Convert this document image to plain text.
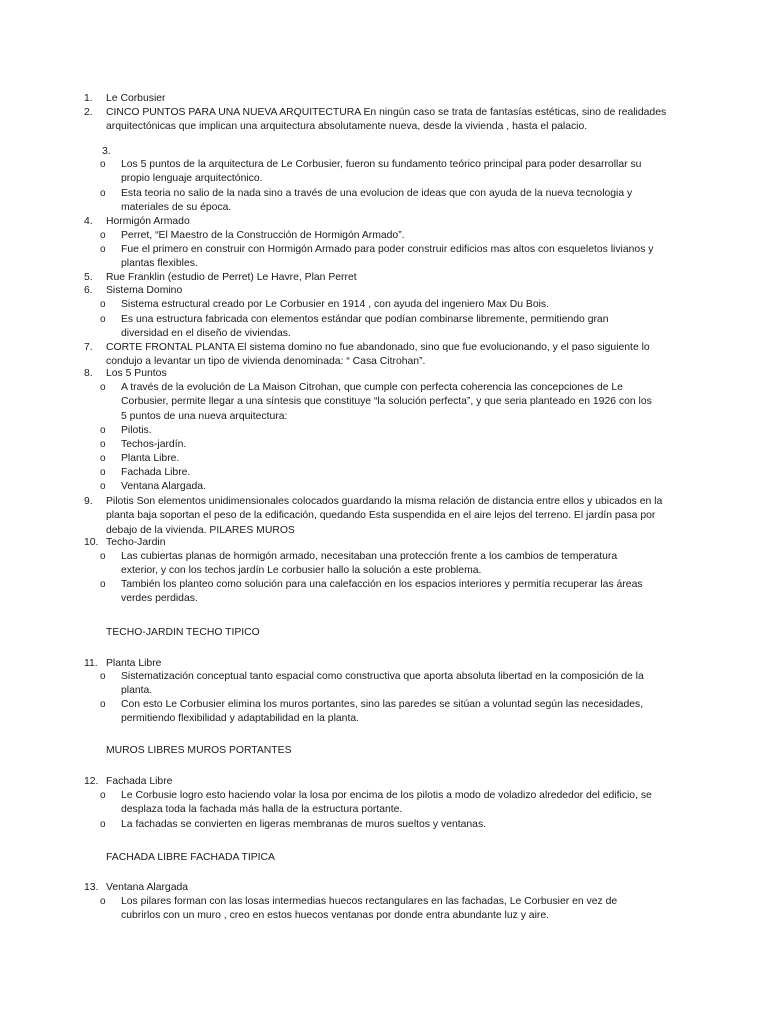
1. Le Corbusier
2. CINCO PUNTOS PARA UNA NUEVA ARQUITECTURA En ningún caso se trata de fantasías estéticas, sino de realidades arquitectónicas que implican una arquitectura absolutamente nueva, desde la vivienda , hasta el palacio.
3.
o Los 5 puntos de la arquitectura de Le Corbusier, fueron su fundamento teórico principal para poder desarrollar su propio lenguaje arquitectónico.
o Esta teoria no salio de la nada sino a través de una evolucion de ideas que con ayuda de la nueva tecnologia y materiales de su época.
4. Hormigón Armado
o Perret, “El Maestro de la Construcción de Hormigón Armado”.
o Fue el primero en construir con Hormigón Armado para poder construir edificios mas altos con esqueletos livianos y plantas flexibles.
5. Rue Franklin (estudio de Perret) Le Havre, Plan Perret
6. Sistema Domino
o Sistema estructural creado por Le Corbusier en 1914 , con ayuda del ingeniero Max Du Bois.
o Es una estructura fabricada con elementos estándar que podían combinarse libremente, permitiendo gran diversidad en el diseño de viviendas.
7. CORTE FRONTAL PLANTA El sistema domino no fue abandonado, sino que fue evolucionando, y el paso siguiente lo condujo a levantar un tipo de vivienda denominada: “ Casa Citrohan”.
8. Los 5 Puntos
o A través de la evolución de La Maison Citrohan, que cumple con perfecta coherencia las concepciones de Le Corbusier, permite llegar a una síntesis que constituye “la solución perfecta”, y que seria planteado en 1926 con los 5 puntos de una nueva arquitectura:
o Pilotis.
o Techos-jardín.
o Planta Libre.
o Fachada Libre.
o Ventana Alargada.
9. Pilotis Son elementos unidimensionales colocados guardando la misma relación de distancia entre ellos y ubicados en la planta baja soportan el peso de la edificación, quedando Esta suspendida en el aire lejos del terreno. El jardín pasa por debajo de la vivienda. PILARES MUROS
10. Techo-Jardin
o Las cubiertas planas de hormigón armado, necesitaban una protección frente a los cambios de temperatura exterior, y con los techos jardín Le corbusier hallo la solución a este problema.
o También los planteo como solución para una calefacción en los espacios interiores y permitía recuperar las áreas verdes perdidas.
TECHO-JARDIN TECHO TIPICO
11. Planta Libre
o Sistematización conceptual tanto espacial como constructiva que aporta absoluta libertad en la composición de la planta.
o Con esto Le Corbusier elimina los muros portantes, sino las paredes se sitúan a voluntad según las necesidades, permitiendo flexibilidad y adaptabilidad en la planta.
MUROS LIBRES MUROS PORTANTES
12. Fachada Libre
o Le Corbusie logro esto haciendo volar la losa por encima de los pilotis a modo de voladizo alrededor del edificio, se desplaza toda la fachada más halla de la estructura portante.
o La fachadas se convierten en ligeras membranas de muros sueltos y ventanas.
FACHADA LIBRE FACHADA TIPICA
13. Ventana Alargada
o Los pilares forman con las losas intermedias huecos rectangulares en las fachadas, Le Corbusier en vez de cubrirlos con un muro , creo en estos huecos ventanas por donde entra abundante luz y aire.
